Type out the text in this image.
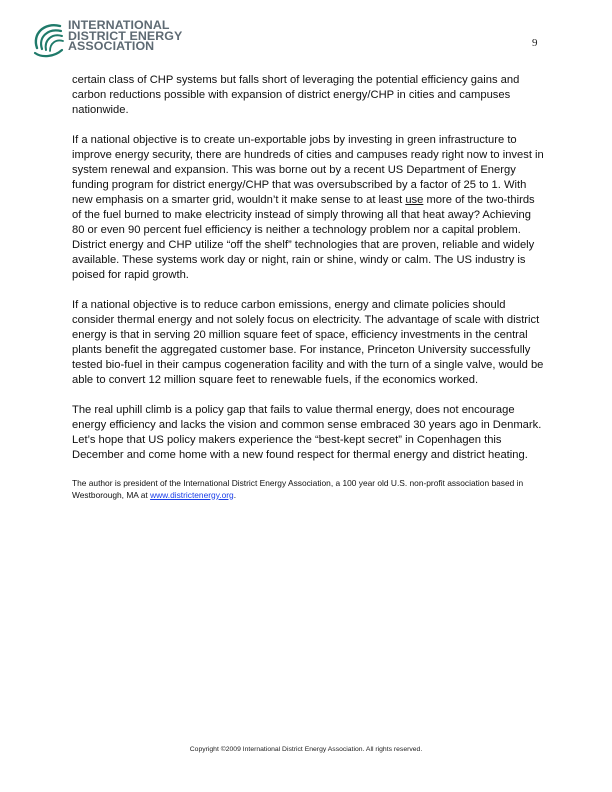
INTERNATIONAL
DISTRICT ENERGY
ASSOCIATION	9

certain class of CHP systems but falls short of leveraging the potential efficiency gains and carbon reductions possible with expansion of district energy/CHP in cities and campuses nationwide.

If a national objective is to create un-exportable jobs by investing in green infrastructure to improve energy security, there are hundreds of cities and campuses ready right now to invest in system renewal and expansion. This was borne out by a recent US Department of Energy funding program for district energy/CHP that was oversubscribed by a factor of 25 to 1. With new emphasis on a smarter grid, wouldn’t it make sense to at least use more of the two-thirds of the fuel burned to make electricity instead of simply throwing all that heat away? Achieving 80 or even 90 percent fuel efficiency is neither a technology problem nor a capital problem. District energy and CHP utilize “off the shelf” technologies that are proven, reliable and widely available. These systems work day or night, rain or shine, windy or calm. The US industry is poised for rapid growth.

If a national objective is to reduce carbon emissions, energy and climate policies should consider thermal energy and not solely focus on electricity. The advantage of scale with district energy is that in serving 20 million square feet of space, efficiency investments in the central plants benefit the aggregated customer base. For instance, Princeton University successfully tested bio-fuel in their campus cogeneration facility and with the turn of a single valve, would be able to convert 12 million square feet to renewable fuels, if the economics worked.

The real uphill climb is a policy gap that fails to value thermal energy, does not encourage energy efficiency and lacks the vision and common sense embraced 30 years ago in Denmark. Let’s hope that US policy makers experience the “best-kept secret” in Copenhagen this December and come home with a new found respect for thermal energy and district heating.

The author is president of the International District Energy Association, a 100 year old U.S. non-profit association based in Westborough, MA at www.districtenergy.org.
Copyright ©2009 International District Energy Association. All rights reserved.
